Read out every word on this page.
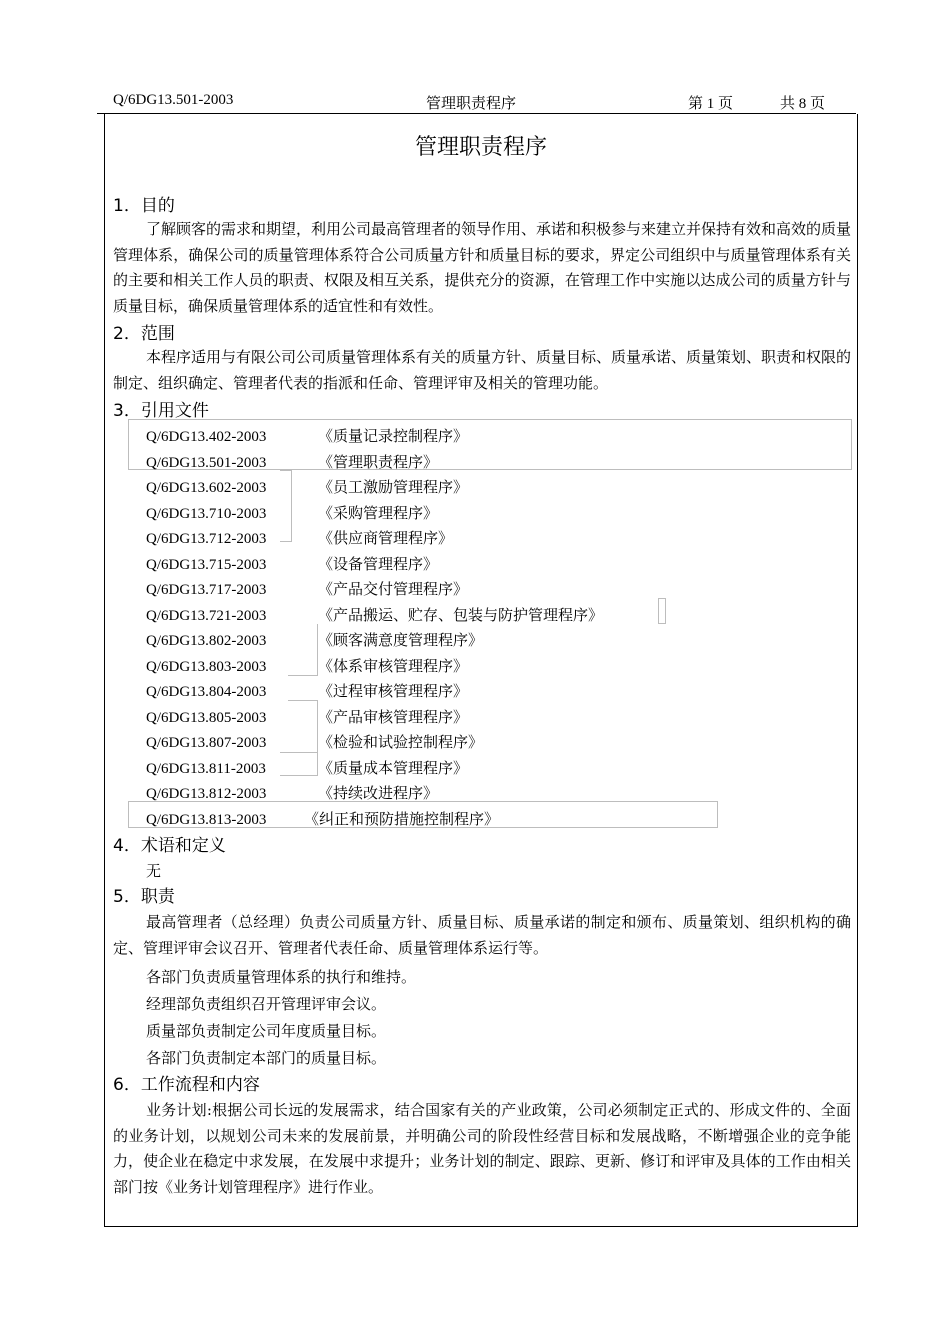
Q/6DG13.501-2003	管理职责程序	第 1 页	共 8 页
管理职责程序
1．目的
了解顾客的需求和期望，利用公司最高管理者的领导作用、承诺和积极参与来建立并保持有效和高效的质量管理体系，确保公司的质量管理体系符合公司质量方针和质量目标的要求，界定公司组织中与质量管理体系有关的主要和相关工作人员的职责、权限及相互关系，提供充分的资源，在管理工作中实施以达成公司的质量方针与质量目标，确保质量管理体系的适宜性和有效性。
2．范围
本程序适用与有限公司公司质量管理体系有关的质量方针、质量目标、质量承诺、质量策划、职责和权限的制定、组织确定、管理者代表的指派和任命、管理评审及相关的管理功能。
3．引用文件
Q/6DG13.402-2003	《质量记录控制程序》
Q/6DG13.501-2003	《管理职责程序》
Q/6DG13.602-2003	《员工激励管理程序》
Q/6DG13.710-2003	《采购管理程序》
Q/6DG13.712-2003	《供应商管理程序》
Q/6DG13.715-2003	《设备管理程序》
Q/6DG13.717-2003	《产品交付管理程序》
Q/6DG13.721-2003	《产品搬运、贮存、包装与防护管理程序》
Q/6DG13.802-2003	《顾客满意度管理程序》
Q/6DG13.803-2003	《体系审核管理程序》
Q/6DG13.804-2003	《过程审核管理程序》
Q/6DG13.805-2003	《产品审核管理程序》
Q/6DG13.807-2003	《检验和试验控制程序》
Q/6DG13.811-2003	《质量成本管理程序》
Q/6DG13.812-2003	《持续改进程序》
Q/6DG13.813-2003	《纠正和预防措施控制程序》
4．术语和定义
无
5．职责
最高管理者（总经理）负责公司质量方针、质量目标、质量承诺的制定和颁布、质量策划、组织机构的确定、管理评审会议召开、管理者代表任命、质量管理体系运行等。
各部门负责质量管理体系的执行和维持。
经理部负责组织召开管理评审会议。
质量部负责制定公司年度质量目标。
各部门负责制定本部门的质量目标。
6．工作流程和内容
业务计划:根据公司长远的发展需求，结合国家有关的产业政策，公司必须制定正式的、形成文件的、全面的业务计划，以规划公司未来的发展前景，并明确公司的阶段性经营目标和发展战略，不断增强企业的竞争能力，使企业在稳定中求发展，在发展中求提升；业务计划的制定、跟踪、更新、修订和评审及具体的工作由相关部门按《业务计划管理程序》进行作业。
